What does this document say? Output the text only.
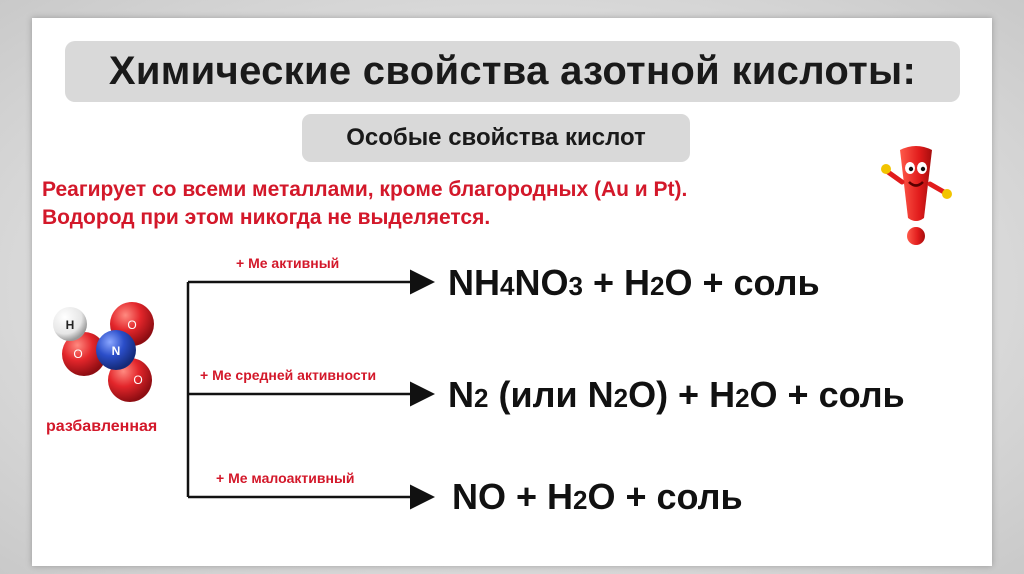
Химические свойства азотной кислоты:
Особые свойства кислот
Реагирует со всеми металлами, кроме благородных (Au и Pt).
Водород при этом никогда не выделяется.
O
O
H
O
N
разбавленная
+ Me активный
+ Me средней активности
+ Me малоактивный
NH4NO3 + H2O + соль
N2 (или N2O) + H2O + соль
NO + H2O + соль
